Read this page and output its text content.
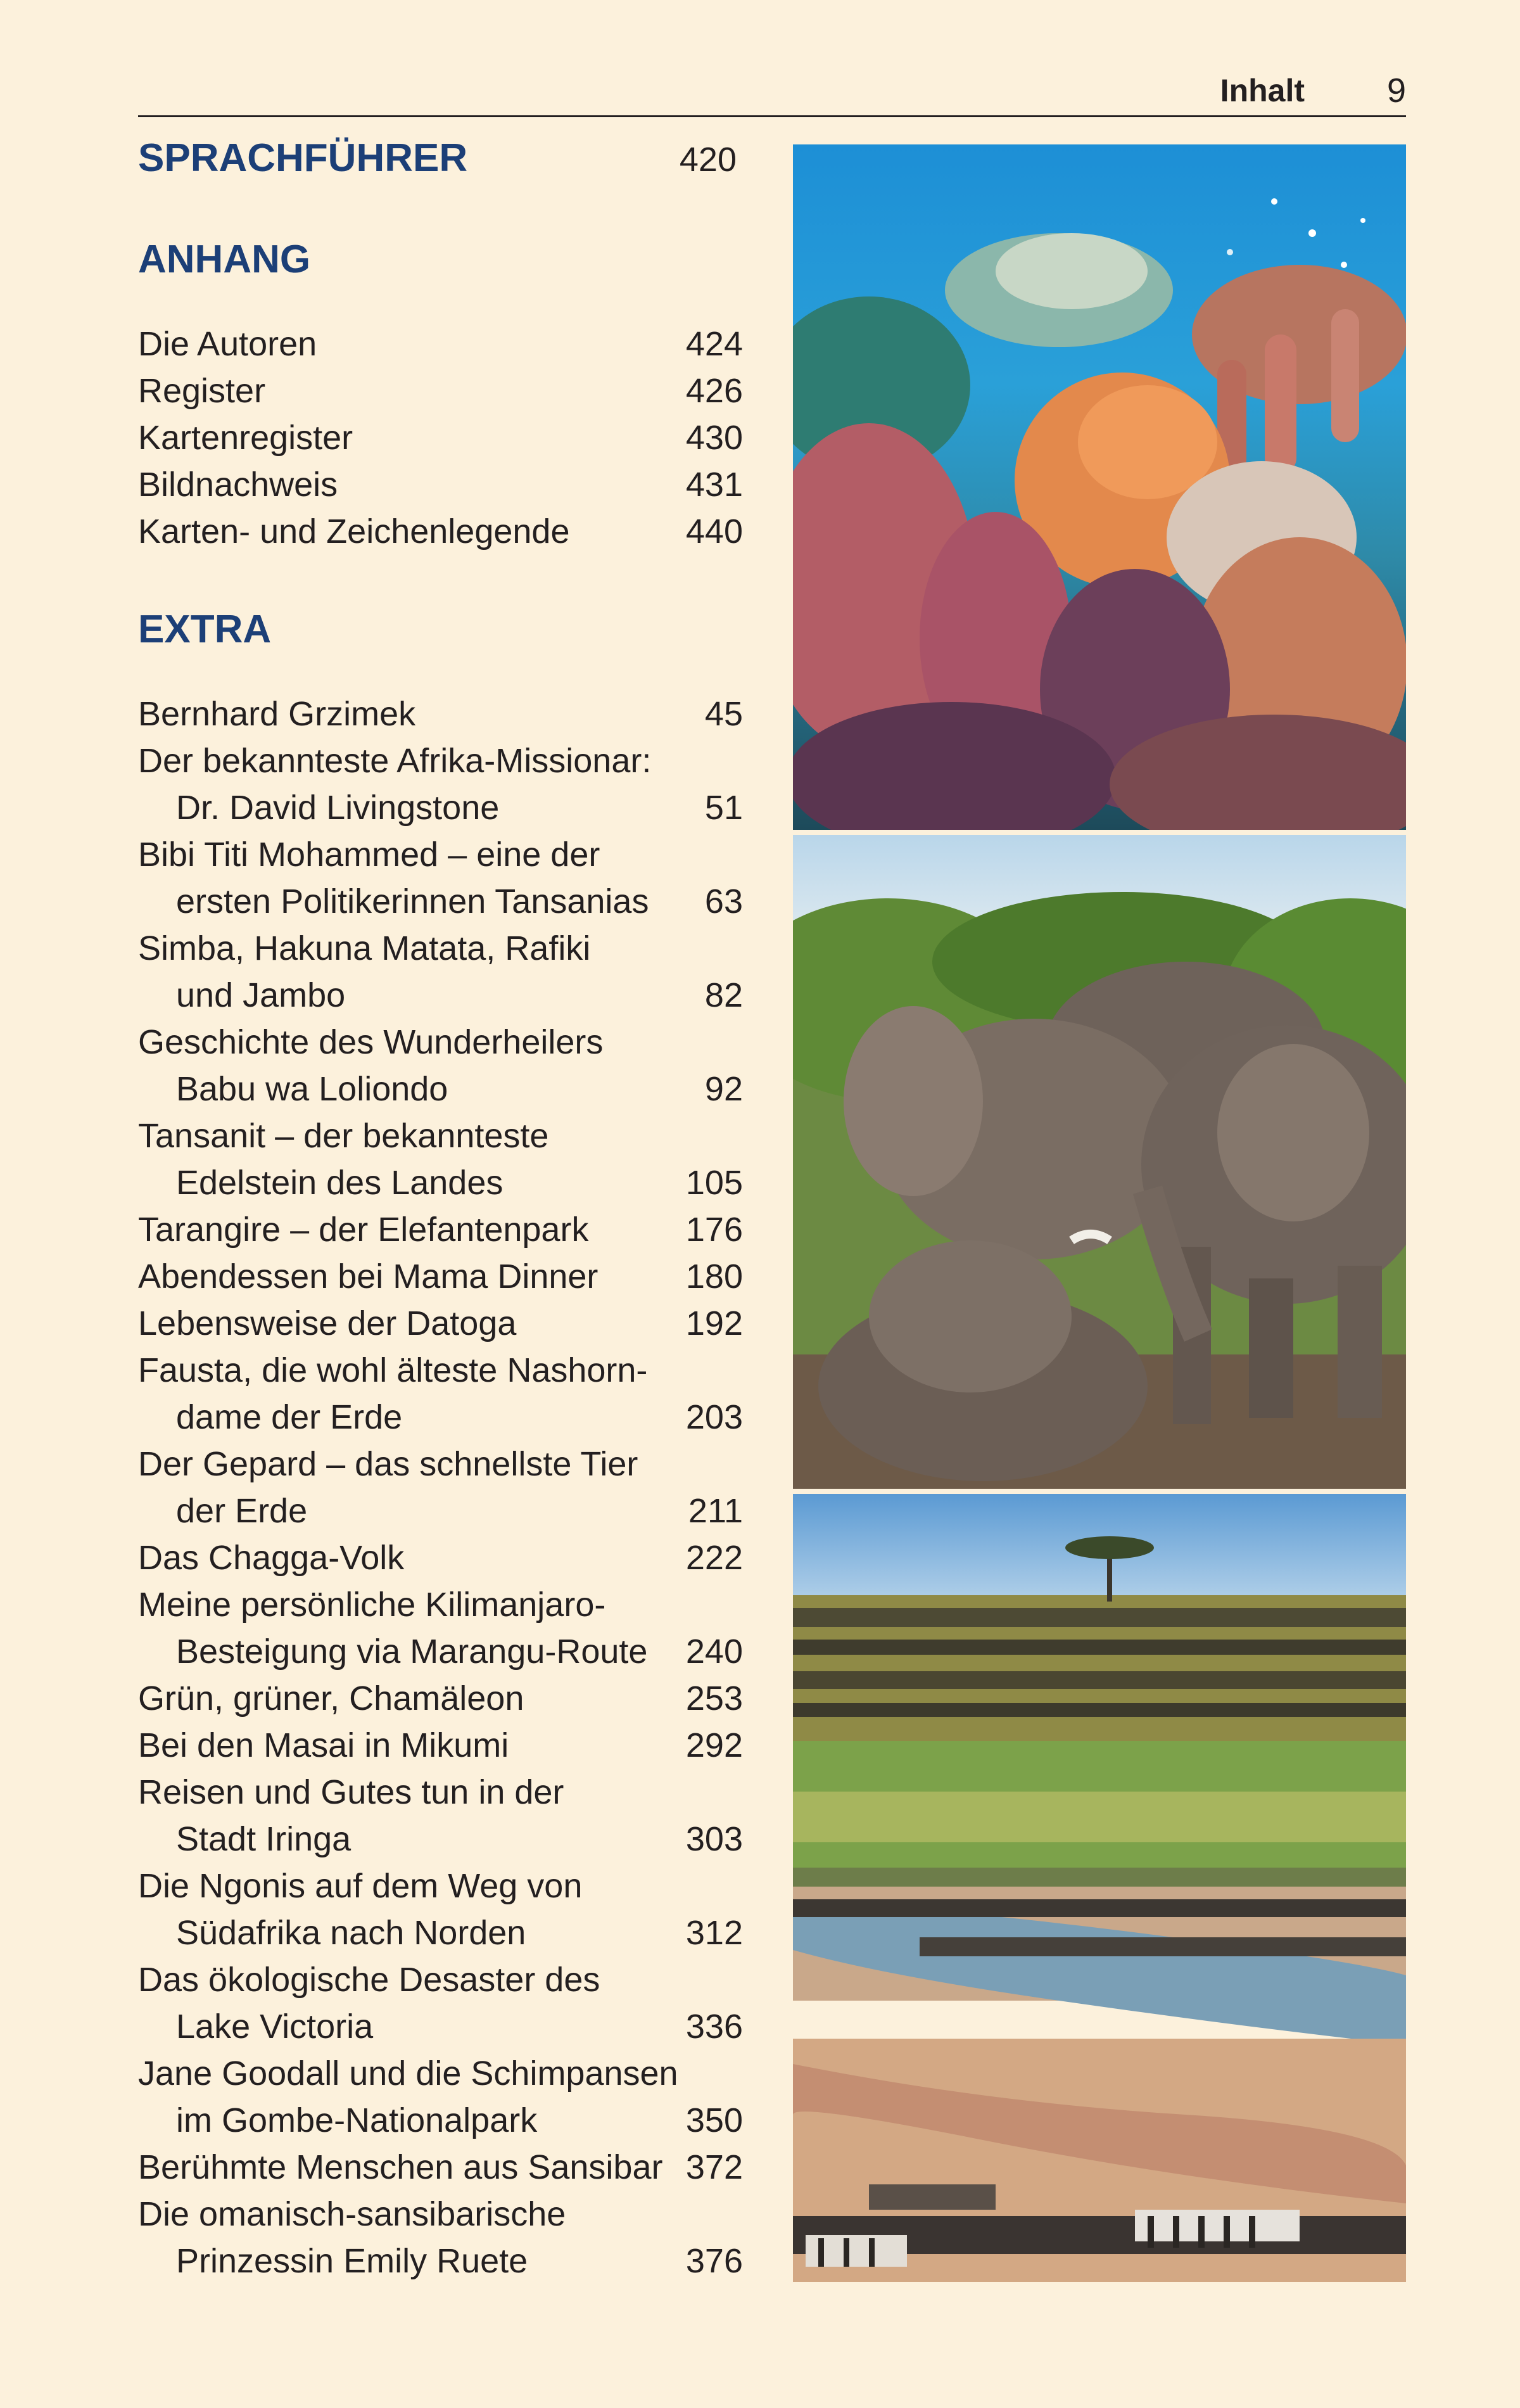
Inhalt 9
SPRACHFÜHRER	420
ANHANG
Die Autoren	424
Register	426
Kartenregister	430
Bildnachweis	431
Karten- und Zeichenlegende	440
EXTRA
Bernhard Grzimek	45
Der bekannteste Afrika-Missionar:
Dr. David Livingstone	51
Bibi Titi Mohammed – eine der
ersten Politikerinnen Tansanias	63
Simba, Hakuna Matata, Rafiki
und Jambo	82
Geschichte des Wunderheilers
Babu wa Loliondo	92
Tansanit – der bekannteste
Edelstein des Landes	105
Tarangire – der Elefantenpark	176
Abendessen bei Mama Dinner	180
Lebensweise der Datoga	192
Fausta, die wohl älteste Nashorn-
dame der Erde	203
Der Gepard – das schnellste Tier
der Erde	211
Das Chagga-Volk	222
Meine persönliche Kilimanjaro-
Besteigung via Marangu-Route	240
Grün, grüner, Chamäleon	253
Bei den Masai in Mikumi	292
Reisen und Gutes tun in der
Stadt Iringa	303
Die Ngonis auf dem Weg von
Südafrika nach Norden	312
Das ökologische Desaster des
Lake Victoria	336
Jane Goodall und die Schimpansen
im Gombe-Nationalpark	350
Berühmte Menschen aus Sansibar 372
Die omanisch-sansibarische
Prinzessin Emily Ruete	376
